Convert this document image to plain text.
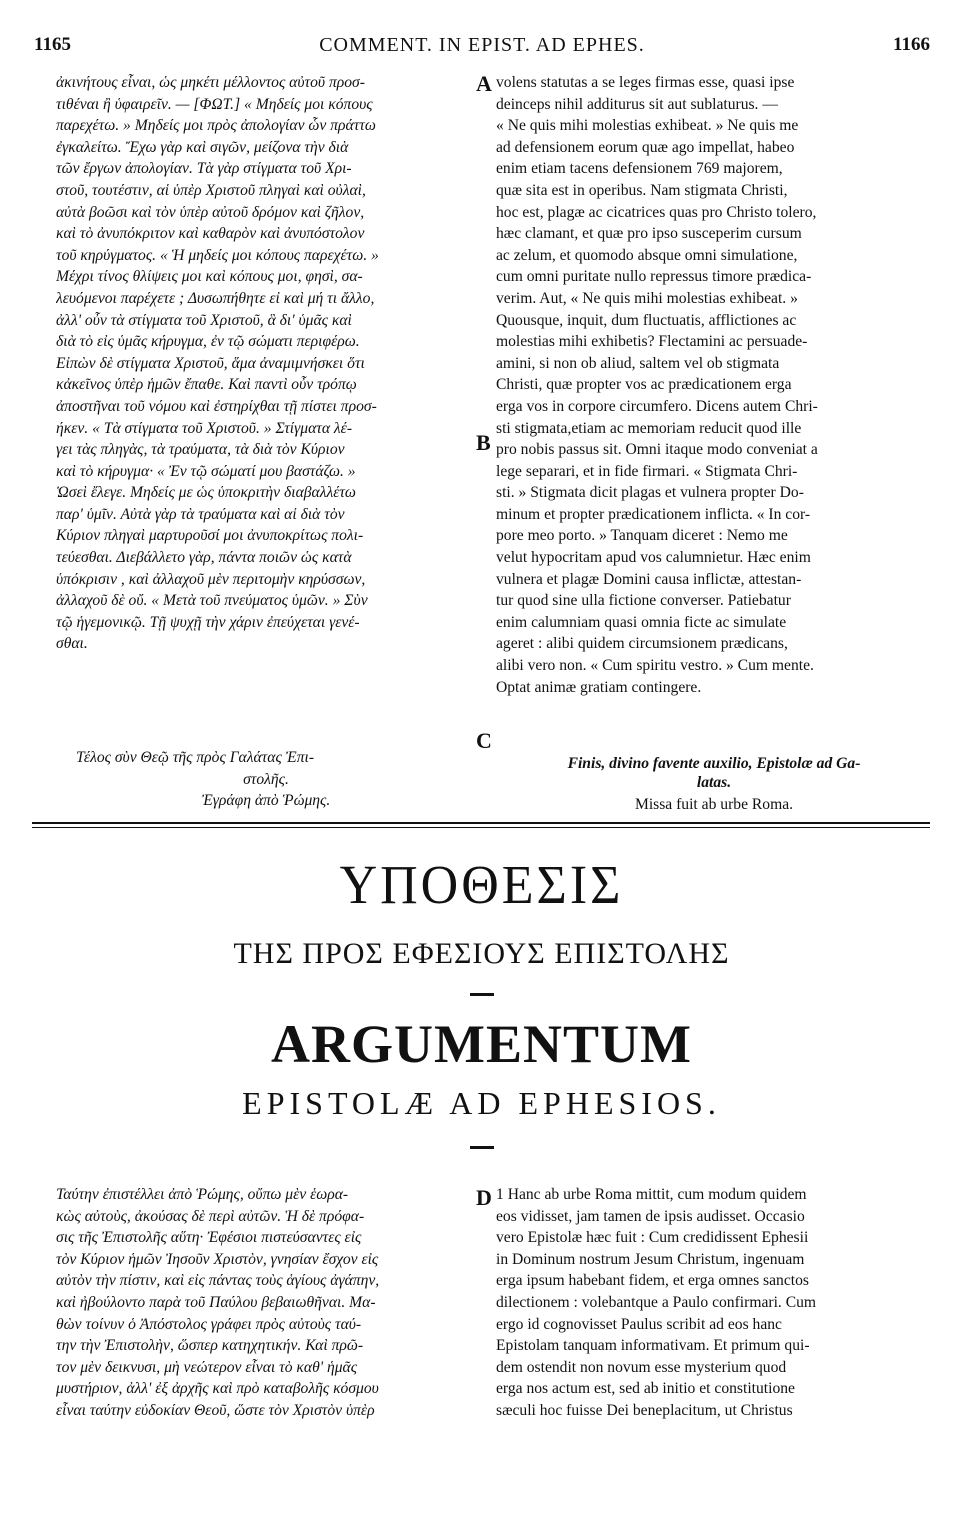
1165	COMMENT. IN EPIST. AD EPHES.	1166
ἀκινήτους εἶναι, ὡς μηκέτι μέλλοντος αὐτοῦ προσ-
τιθέναι ἢ ὑφαιρεῖν. — [ΦΩΤ.] « Μηδείς μοι κόπους
παρεχέτω. » Μηδείς μοι πρὸς ἀπολογίαν ὧν πράττω
ἐγκαλείτω. Ἔχω γὰρ καὶ σιγῶν, μείζονα τὴν διὰ
τῶν ἔργων ἀπολογίαν. Τὰ γὰρ στίγματα τοῦ Χρι-
στοῦ, τουτέστιν, αἱ ὑπὲρ Χριστοῦ πληγαὶ καὶ οὐλαὶ,
αὐτὰ βοῶσι καὶ τὸν ὑπὲρ αὐτοῦ δρόμον καὶ ζῆλον,
καὶ τὸ ἀνυπόκριτον καὶ καθαρὸν καὶ ἀνυπόστολον
τοῦ κηρύγματος. « Ἡ μηδείς μοι κόπους παρεχέτω. »
Μέχρι τίνος θλίψεις μοι καὶ κόπους μοι, φησὶ, σα-
λευόμενοι παρέχετε ; Δυσωπήθητε εἰ καὶ μή τι ἄλλο,
ἀλλ' οὖν τὰ στίγματα τοῦ Χριστοῦ, ἃ δι' ὑμᾶς καὶ
διὰ τὸ εἰς ὑμᾶς κήρυγμα, ἐν τῷ σώματι περιφέρω.
Εἰπὼν δὲ στίγματα Χριστοῦ, ἅμα ἀναμιμνήσκει ὅτι
κἀκεῖνος ὑπὲρ ἡμῶν ἔπαθε. Καὶ παντὶ οὖν τρόπῳ
ἀποστῆναι τοῦ νόμου καὶ ἐστηρίχθαι τῇ πίστει προσ-
ήκεν. « Τὰ στίγματα τοῦ Χριστοῦ. » Στίγματα λέ-
γει τὰς πληγὰς, τὰ τραύματα, τὰ διὰ τὸν Κύριον
καὶ τὸ κήρυγμα· « Ἐν τῷ σώματί μου βαστάζω. »
Ὡσεὶ ἔλεγε. Μηδείς με ὡς ὑποκριτὴν διαβαλλέτω
παρ' ὑμῖν. Αὐτὰ γὰρ τὰ τραύματα καὶ αἱ διὰ τὸν
Κύριον πληγαὶ μαρτυροῦσί μοι ἀνυποκρίτως πολι-
τεύεσθαι. Διεβάλλετο γὰρ, πάντα ποιῶν ὡς κατὰ
ὑπόκρισιν , καὶ ἀλλαχοῦ μὲν περιτομὴν κηρύσσων,
ἀλλαχοῦ δὲ οὔ. « Μετὰ τοῦ πνεύματος ὑμῶν. » Σὺν
τῷ ἡγεμονικῷ. Τῇ ψυχῇ τὴν χάριν ἐπεύχεται γενέ-
σθαι.
Τέλος σὺν Θεῷ τῆς πρὸς Γαλάτας Ἐπι-
στολῆς.
Ἐγράφη ἀπὸ Ῥώμης.
volens statutas a se leges firmas esse, quasi ipse
deinceps nihil additurus sit aut sublaturus. —
« Ne quis mihi molestias exhibeat. » Ne quis me
ad defensionem eorum quæ ago impellat, habeo
enim etiam tacens defensionem 769 majorem,
quæ sita est in operibus. Nam stigmata Christi,
hoc est, plagæ ac cicatrices quas pro Christo tolero,
hæc clamant, et quæ pro ipso susceperim cursum
ac zelum, et quomodo absque omni simulatione,
cum omni puritate nullo repressus timore prædica-
verim. Aut, « Ne quis mihi molestias exhibeat. »
Quousque, inquit, dum fluctuatis, afflictiones ac
molestias mihi exhibetis? Flectamini ac persuade-
amini, si non ob aliud, saltem vel ob stigmata
Christi, quæ propter vos ac prædicationem erga
erga vos in corpore circumfero. Dicens autem Chri-
sti stigmata,etiam ac memoriam reducit quod ille
pro nobis passus sit. Omni itaque modo conveniat a
lege separari, et in fide firmari. « Stigmata Chri-
sti. » Stigmata dicit plagas et vulnera propter Do-
minum et propter prædicationem inflicta. « In cor-
pore meo porto. » Tanquam diceret : Nemo me
velut hypocritam apud vos calumnietur. Hæc enim
vulnera et plagæ Domini causa inflictæ, attestan-
tur quod sine ulla fictione converser. Patiebatur
enim calumniam quasi omnia ficte ac simulate
ageret : alibi quidem circumsionem prædicans,
alibi vero non. « Cum spiritu vestro. » Cum mente.
Optat animæ gratiam contingere.
A
B
C
D
Finis, divino favente auxilio, Epistolæ ad Ga-
latas.
Missa fuit ab urbe Roma.
ΥΠΟΘΕΣΙΣ
ΤΗΣ ΠΡΟΣ ΕΦΕΣΙΟΥΣ ΕΠΙΣΤΟΛΗΣ
ARGUMENTUM
EPISTOLÆ AD EPHESIOS.
Ταύτην ἐπιστέλλει ἀπὸ Ῥώμης, οὔπω μὲν ἑωρα-
κὼς αὐτοὺς, ἀκούσας δὲ περὶ αὐτῶν. Ἡ δὲ πρόφα-
σις τῆς Ἐπιστολῆς αὕτη· Ἐφέσιοι πιστεύσαντες εἰς
τὸν Κύριον ἡμῶν Ἰησοῦν Χριστὸν, γνησίαν ἔσχον εἰς
αὐτὸν τὴν πίστιν, καὶ εἰς πάντας τοὺς ἁγίους ἀγάπην,
καὶ ἠβούλοντο παρὰ τοῦ Παύλου βεβαιωθῆναι. Μα-
θὼν τοίνυν ὁ Ἀπόστολος γράφει πρὸς αὐτοὺς ταύ-
την τὴν Ἐπιστολὴν, ὥσπερ κατηχητικήν. Καὶ πρῶ-
τον μὲν δεικνυσι, μὴ νεώτερον εἶναι τὸ καθ' ἡμᾶς
μυστήριον, ἀλλ' ἐξ ἀρχῆς καὶ πρὸ καταβολῆς κόσμου
εἶναι ταύτην εὐδοκίαν Θεοῦ, ὥστε τὸν Χριστὸν ὑπὲρ
1 Hanc ab urbe Roma mittit, cum modum quidem
eos vidisset, jam tamen de ipsis audisset. Occasio
vero Epistolæ hæc fuit : Cum credidissent Ephesii
in Dominum nostrum Jesum Christum, ingenuam
erga ipsum habebant fidem, et erga omnes sanctos
dilectionem : volebantque a Paulo confirmari. Cum
ergo id cognovisset Paulus scribit ad eos hanc
Epistolam tanquam informativam. Et primum qui-
dem ostendit non novum esse mysterium quod
erga nos actum est, sed ab initio et constitutione
sæculi hoc fuisse Dei beneplacitum, ut Christus
